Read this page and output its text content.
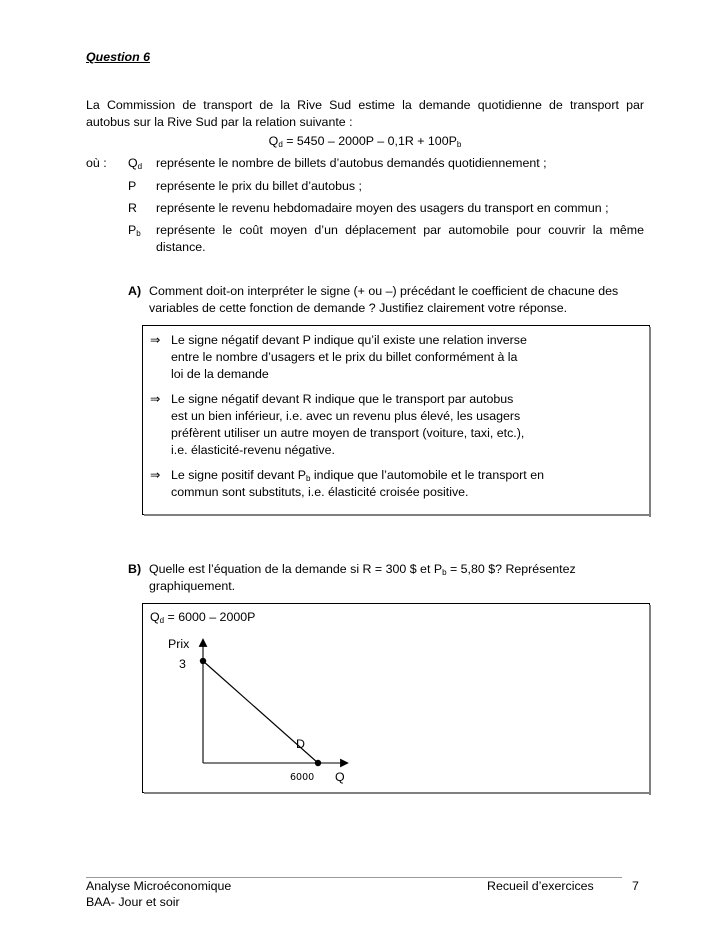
Question 6
La Commission de transport de la Rive Sud estime la demande quotidienne de transport par
autobus sur la Rive Sud par la relation suivante :
$Q_d = 5450 - 2000P - 0,1R + 100P_b$
où :	$Q_d$	représente le nombre de billets d’autobus demandés quotidiennement ;
P	représente le prix du billet d’autobus ;
R	représente le revenu hebdomadaire moyen des usagers du transport en commun ;
$P_b$	représente le coût moyen d’un déplacement par automobile pour couvrir la même distance.
A) Comment doit-on interpréter le signe (+ ou –) précédant le coefficient de chacune des variables de cette fonction de demande ? Justifiez clairement votre réponse.
⇒ Le signe négatif devant P indique qu’il existe une relation inverse
entre le nombre d’usagers et le prix du billet conformément à la
loi de la demande
⇒ Le signe négatif devant R indique que le transport par autobus
est un bien inférieur, i.e. avec un revenu plus élevé, les usagers
préfèrent utiliser un autre moyen de transport (voiture, taxi, etc.),
i.e. élasticité-revenu négative.
⇒ Le signe positif devant $P_b$ indique que l’automobile et le transport en
commun sont substituts, i.e. élasticité croisée positive.
B) Quelle est l’équation de la demande si R = 300 $ et $P_b = 5,80$ $? Représentez
graphiquement.
$Q_d = 6000 - 2000P$
Prix
3
D
6000 Q
Analyse Microéconomique
BAA- Jour et soir
Recueil d’exercices	7
